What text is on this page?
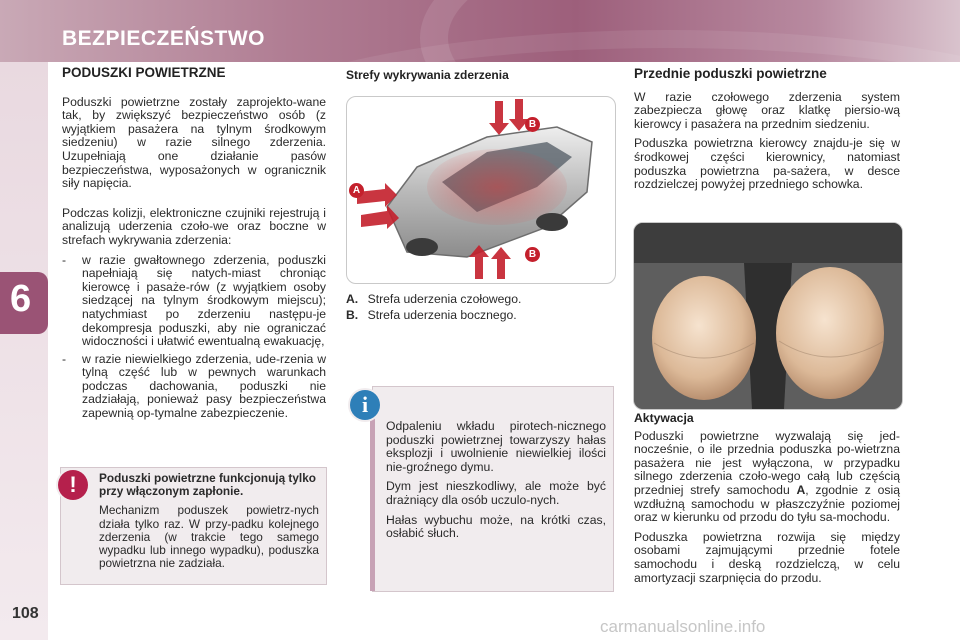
BEZPIECZEŃSTWO
6
108
PODUSZKI POWIETRZNE

Poduszki powietrzne zostały zaprojekto-wane tak, by zwiększyć bezpieczeństwo osób (z wyjątkiem pasażera na tylnym środkowym siedzeniu) w razie silnego zderzenia. Uzupełniają one działanie pasów bezpieczeństwa, wyposażonych w ogranicznik siły napięcia.

Podczas kolizji, elektroniczne czujniki rejestrują i analizują uderzenia czoło-we oraz boczne w strefach wykrywania zderzenia:

- w razie gwałtownego zderzenia, poduszki napełniają się natych-miast chroniąc kierowcę i pasaże-rów (z wyjątkiem osoby siedzącej na tylnym środkowym miejscu); natychmiast po zderzeniu następu-je dekompresja poduszki, aby nie ograniczać widoczności i ułatwić ewentualną ewakuację,
- w razie niewielkiego zderzenia, ude-rzenia w tylną część lub w pewnych warunkach podczas dachowania, poduszki nie zadziałają, ponieważ pasy bezpieczeństwa zapewnią op-tymalne zabezpieczenie.
!	Poduszki powietrzne funkcjonują tylko przy włączonym zapłonie.

Mechanizm poduszek powietrz-nych działa tylko raz. W przy-padku kolejnego zderzenia (w trakcie tego samego wypadku lub innego wypadku), poduszka powietrzna nie zadziała.

Strefy wykrywania zderzenia
A
B
B
A. Strefa uderzenia czołowego.
B. Strefa uderzenia bocznego.
i

Odpaleniu wkładu pirotech-nicznego poduszki powietrznej towarzyszy hałas eksplozji i uwolnienie niewielkiej ilości nie-groźnego dymu.

Dym jest nieszkodliwy, ale może być drażniący dla osób uczulo-nych.

Hałas wybuchu może, na krótki czas, osłabić słuch.

Przednie poduszki powietrzne

W razie czołowego zderzenia system zabezpiecza głowę oraz klatkę piersio-wą kierowcy i pasażera na przednim siedzeniu.

Poduszka powietrzna kierowcy znajdu-je się w środkowej części kierownicy, natomiast poduszka powietrzna pa-sażera, w desce rozdzielczej powyżej przedniego schowka.

Aktywacja

Poduszki powietrzne wyzwalają się jed-nocześnie, o ile przednia poduszka po-wietrzna pasażera nie jest wyłączona, w przypadku silnego zderzenia czoło-wego całą lub częścią przedniej strefy samochodu A, zgodnie z osią wzdłużną samochodu w płaszczyźnie poziomej oraz w kierunku od przodu do tyłu sa-mochodu.

Poduszka powietrzna rozwija się między osobami zajmującymi przednie fotele samochodu i deską rozdzielczą, w celu amortyzacji szarpnięcia do przodu.

carmanualsonline.info
